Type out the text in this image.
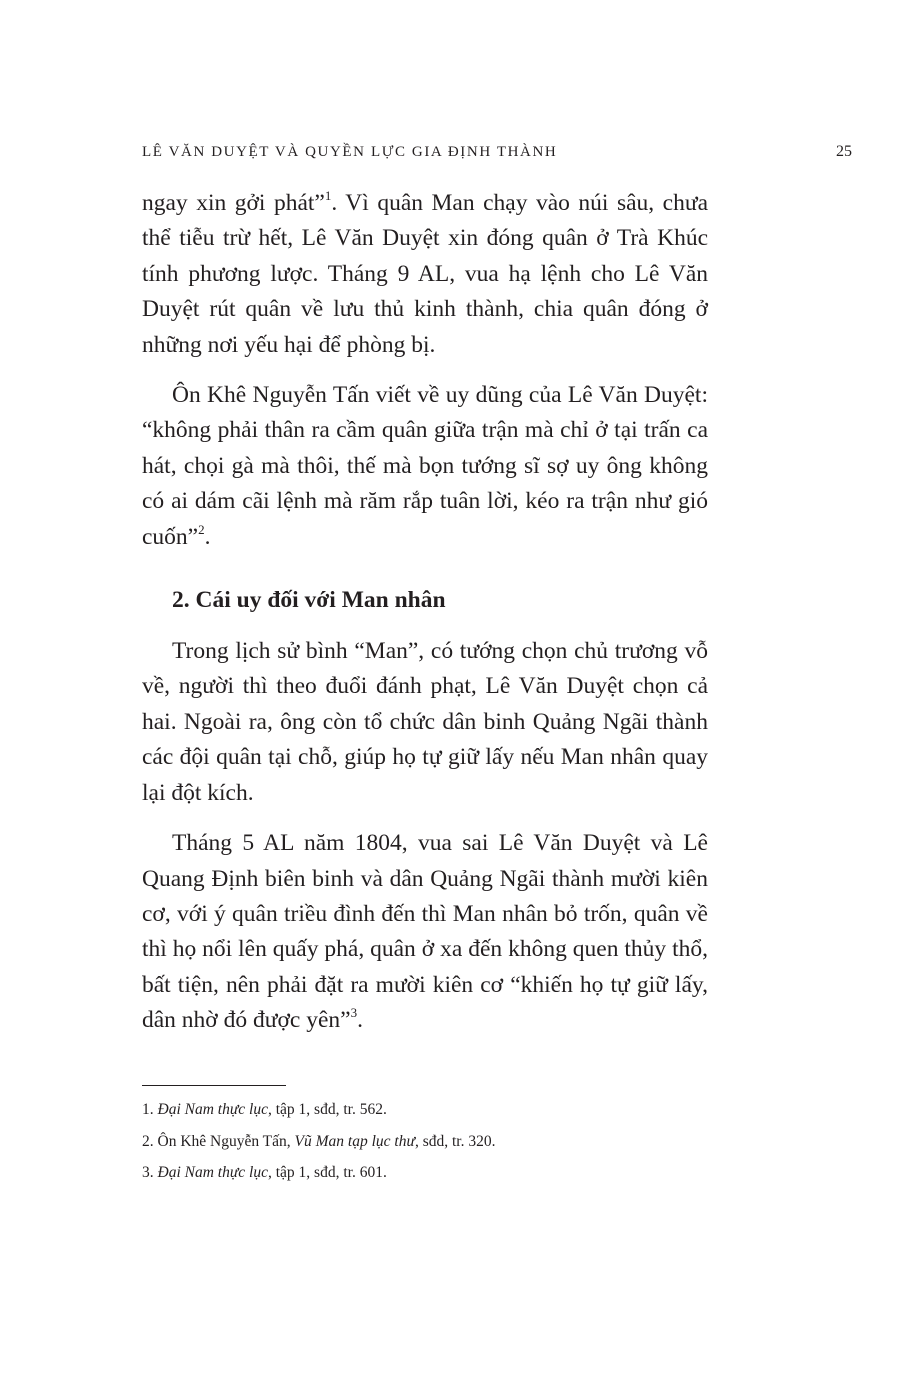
LÊ VĂN DUYỆT VÀ QUYỀN LỰC GIA ĐỊNH THÀNH	25

ngay xin gởi phát”$^1$. Vì quân Man chạy vào núi sâu, chưa thể tiễu trừ hết, Lê Văn Duyệt xin đóng quân ở Trà Khúc tính phương lược. Tháng 9 AL, vua hạ lệnh cho Lê Văn Duyệt rút quân về lưu thủ kinh thành, chia quân đóng ở những nơi yếu hại để phòng bị.

Ôn Khê Nguyễn Tấn viết về uy dũng của Lê Văn Duyệt: “không phải thân ra cầm quân giữa trận mà chỉ ở tại trấn ca hát, chọi gà mà thôi, thế mà bọn tướng sĩ sợ uy ông không có ai dám cãi lệnh mà răm rắp tuân lời, kéo ra trận như gió cuốn”$^2$.

2. Cái uy đối với Man nhân

Trong lịch sử bình “Man”, có tướng chọn chủ trương vỗ về, người thì theo đuổi đánh phạt, Lê Văn Duyệt chọn cả hai. Ngoài ra, ông còn tổ chức dân binh Quảng Ngãi thành các đội quân tại chỗ, giúp họ tự giữ lấy nếu Man nhân quay lại đột kích.

Tháng 5 AL năm 1804, vua sai Lê Văn Duyệt và Lê Quang Định biên binh và dân Quảng Ngãi thành mười kiên cơ, với ý quân triều đình đến thì Man nhân bỏ trốn, quân về thì họ nổi lên quấy phá, quân ở xa đến không quen thủy thổ, bất tiện, nên phải đặt ra mười kiên cơ “khiến họ tự giữ lấy, dân nhờ đó được yên”$^3$.

1. Đại Nam thực lục, tập 1, sđd, tr. 562.
2. Ôn Khê Nguyễn Tấn, Vũ Man tạp lục thư, sđd, tr. 320.
3. Đại Nam thực lục, tập 1, sđd, tr. 601.
